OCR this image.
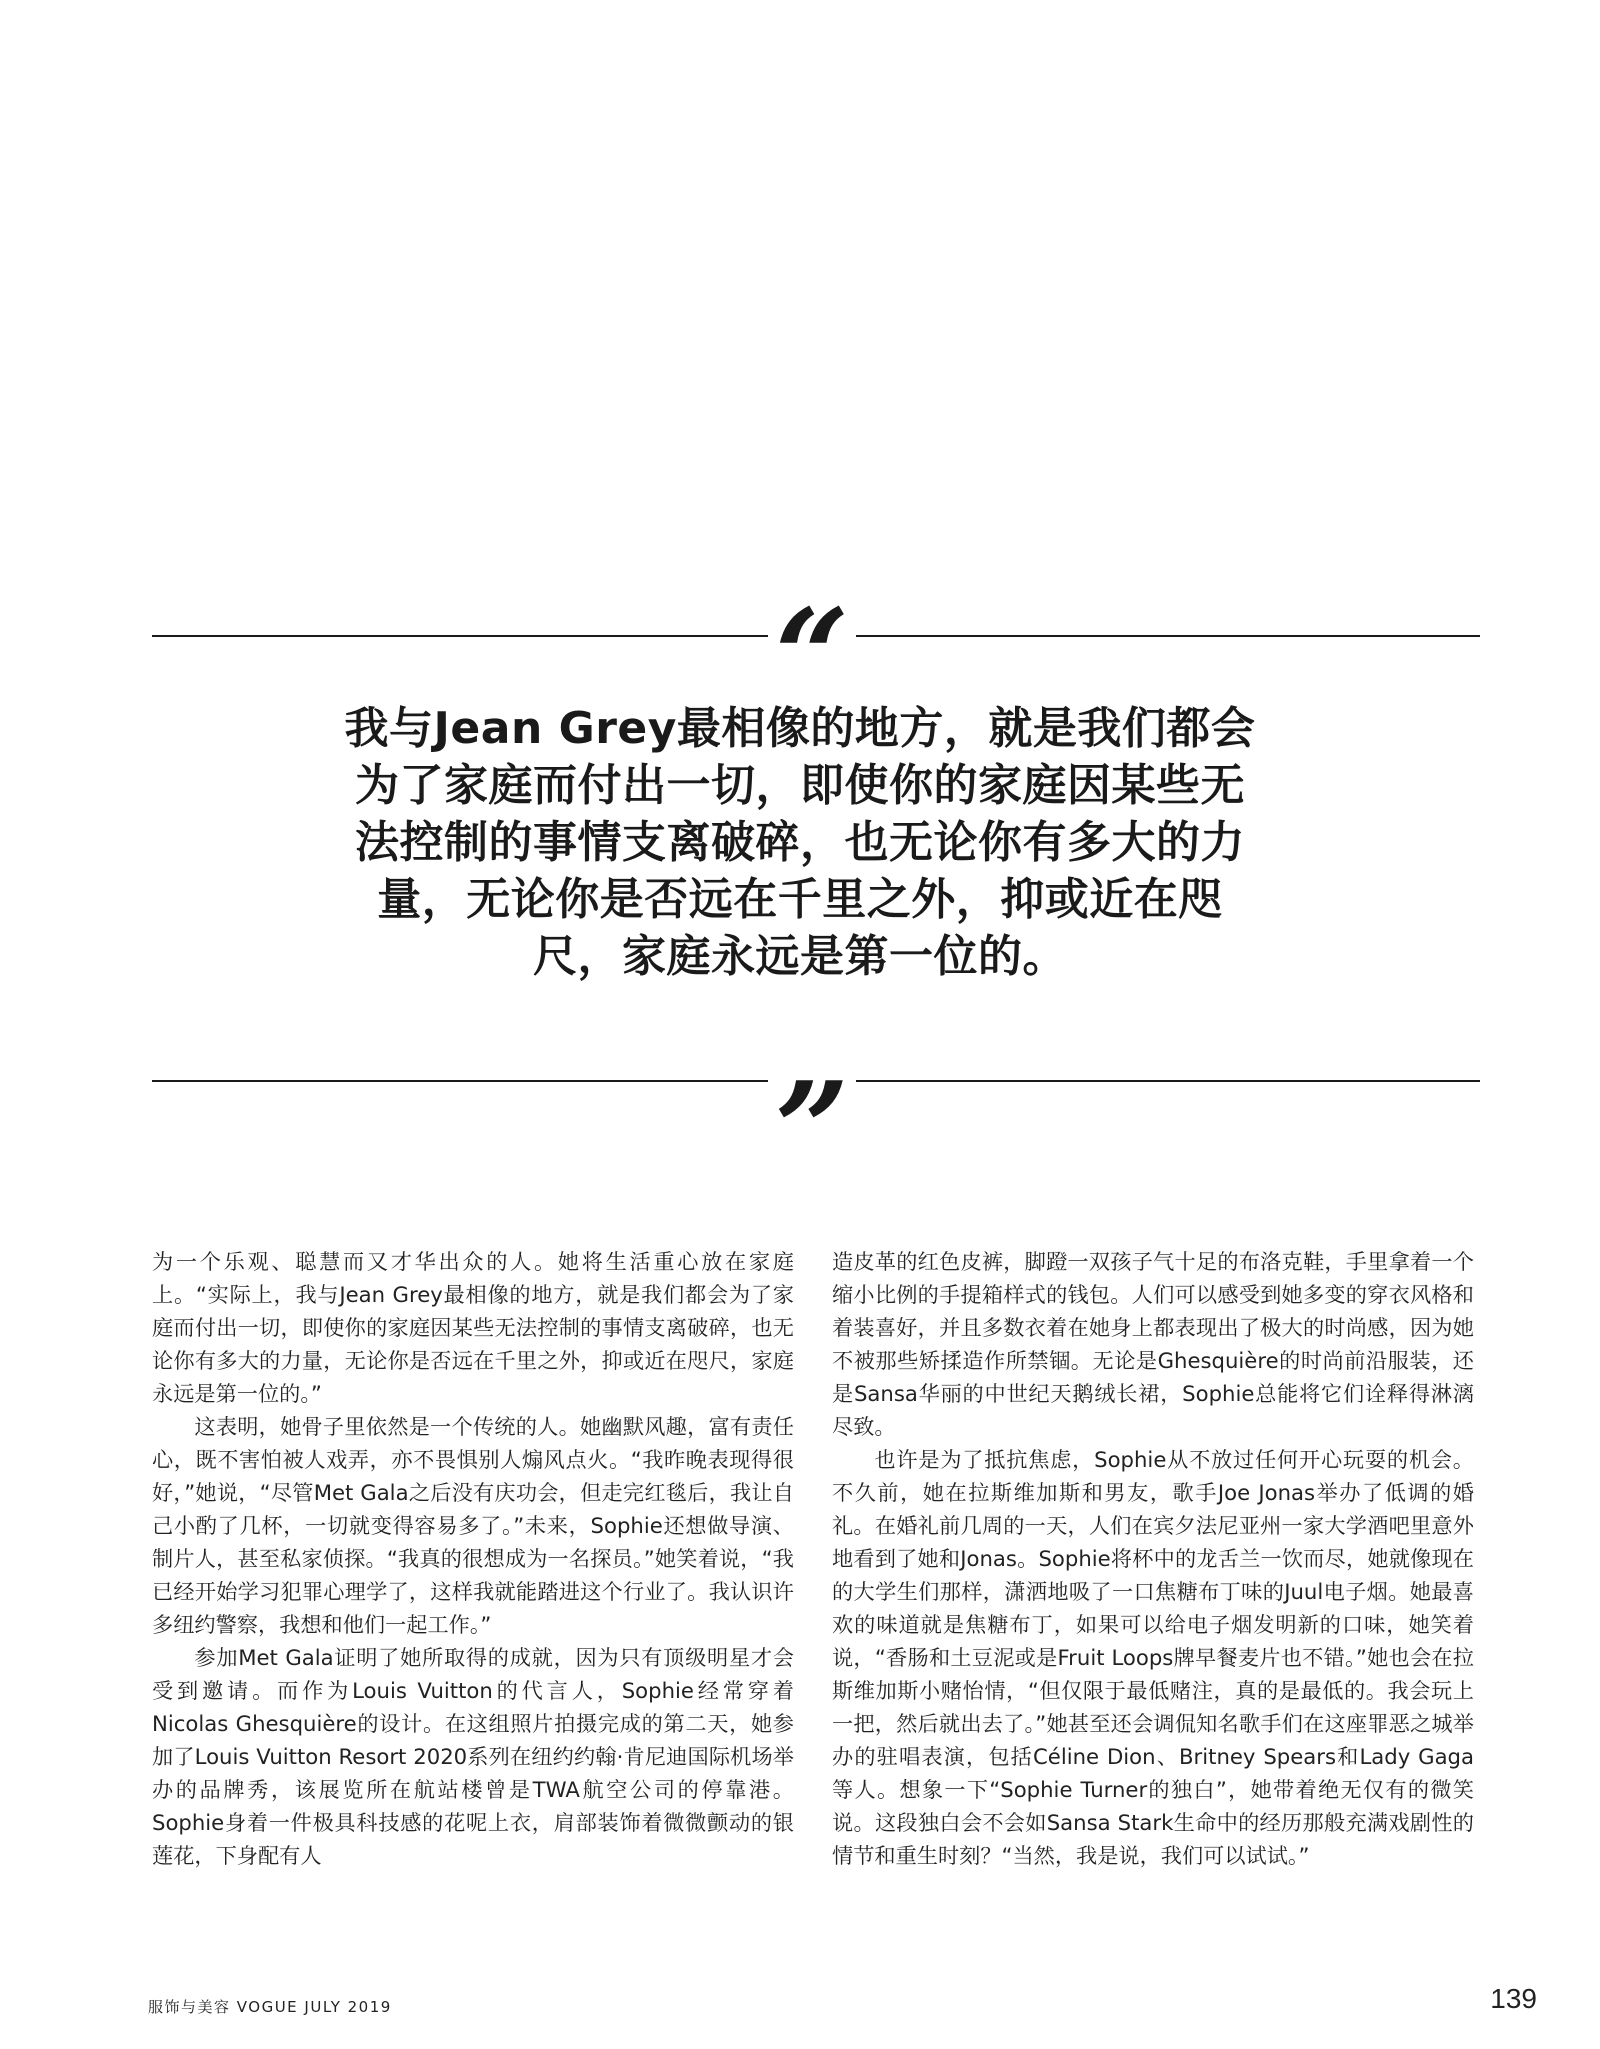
“
我与Jean Grey最相像的地方，就是我们都会为了家庭而付出一切，即使你的家庭因某些无法控制的事情支离破碎，也无论你有多大的力量，无论你是否远在千里之外，抑或近在咫尺，家庭永远是第一位的。
”

为一个乐观、聪慧而又才华出众的人。她将生活重心放在家庭上。“实际上，我与Jean Grey最相像的地方，就是我们都会为了家庭而付出一切，即使你的家庭因某些无法控制的事情支离破碎，也无论你有多大的力量，无论你是否远在千里之外，抑或近在咫尺，家庭永远是第一位的。”

这表明，她骨子里依然是一个传统的人。她幽默风趣，富有责任心，既不害怕被人戏弄，亦不畏惧别人煽风点火。“我昨晚表现得很好，”她说，“尽管Met Gala之后没有庆功会，但走完红毯后，我让自己小酌了几杯，一切就变得容易多了。”未来，Sophie还想做导演、制片人，甚至私家侦探。“我真的很想成为一名探员。”她笑着说，“我已经开始学习犯罪心理学了，这样我就能踏进这个行业了。我认识许多纽约警察，我想和他们一起工作。”

参加Met Gala证明了她所取得的成就，因为只有顶级明星才会受到邀请。而作为Louis Vuitton的代言人，Sophie经常穿着Nicolas Ghesquière的设计。在这组照片拍摄完成的第二天，她参加了Louis Vuitton Resort 2020系列在纽约约翰·肯尼迪国际机场举办的品牌秀，该展览所在航站楼曾是TWA航空公司的停靠港。Sophie身着一件极具科技感的花呢上衣，肩部装饰着微微颤动的银莲花，下身配有人

造皮革的红色皮裤，脚蹬一双孩子气十足的布洛克鞋，手里拿着一个缩小比例的手提箱样式的钱包。人们可以感受到她多变的穿衣风格和着装喜好，并且多数衣着在她身上都表现出了极大的时尚感，因为她不被那些矫揉造作所禁锢。无论是Ghesquière的时尚前沿服装，还是Sansa华丽的中世纪天鹅绒长裙，Sophie总能将它们诠释得淋漓尽致。

也许是为了抵抗焦虑，Sophie从不放过任何开心玩耍的机会。不久前，她在拉斯维加斯和男友，歌手Joe Jonas举办了低调的婚礼。在婚礼前几周的一天，人们在宾夕法尼亚州一家大学酒吧里意外地看到了她和Jonas。Sophie将杯中的龙舌兰一饮而尽，她就像现在的大学生们那样，潇洒地吸了一口焦糖布丁味的Juul电子烟。她最喜欢的味道就是焦糖布丁，如果可以给电子烟发明新的口味，她笑着说，“香肠和土豆泥或是Fruit Loops牌早餐麦片也不错。”她也会在拉斯维加斯小赌怡情，“但仅限于最低赌注，真的是最低的。我会玩上一把，然后就出去了。”她甚至还会调侃知名歌手们在这座罪恶之城举办的驻唱表演，包括Céline Dion、Britney Spears和Lady Gaga等人。想象一下“Sophie Turner的独白”，她带着绝无仅有的微笑说。这段独白会不会如Sansa Stark生命中的经历那般充满戏剧性的情节和重生时刻？“当然，我是说，我们可以试试。”

服饰与美容 VOGUE JULY 2019	139
